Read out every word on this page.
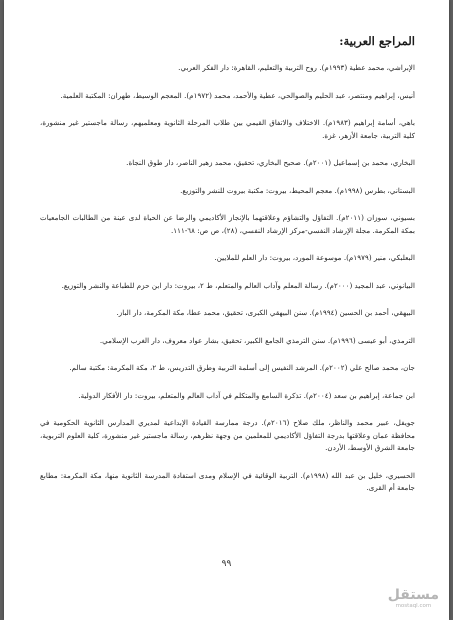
المراجع العربية:

الإبراشي، محمد عطية (١٩٩٣م). روح التربية والتعليم، القاهرة: دار الفكر العربي.

أنيس، إبراهيم ومنتصر، عبد الحليم والصوالحي، عطية والأحمد، محمد (١٩٧٢م). المعجم الوسيط، طهران: المكتبة العلمية.

باهي، أسامة إبراهيم (١٩٨٣م). الاختلاف والاتفاق القيمي بين طلاب المرحلة الثانوية ومعلميهم، رسالة ماجستير غير منشورة، كلية التربية، جامعة الأزهر، غزة.

البخاري، محمد بن إسماعيل (٢٠٠١م). صحيح البخاري، تحقيق، محمد زهير الناصر، دار طوق النجاة.

البستاني، بطرس (١٩٩٨م). معجم المحيط، بيروت: مكتبة بيروت للنشر والتوزيع.

بسيوني، سوزان (٢٠١١م). التفاؤل والتشاؤم وعلاقتهما بالإنجاز الأكاديمي والرضا عن الحياة لدى عينة من الطالبات الجامعيات بمكة المكرمة. مجلة الإرشاد النفسي-مركز الإرشاد النفسي، (٢٨)، ص ص: ٦٨-١١١.

البعلبكي، منير (١٩٧٩م). موسوعة المورد، بيروت: دار العلم للملايين.

البيانوني، عبد المجيد (٢٠٠٠م). رسالة المعلم وآداب العالم والمتعلم، ط ٢، بيروت: دار ابن حزم للطباعة والنشر والتوزيع.

البيهقي، أحمد بن الحسين (١٩٩٤م). سنن البيهقي الكبرى، تحقيق، محمد عطا، مكة المكرمة، دار الباز.

الترمذي، أبو عيسى (١٩٩٦م). سنن الترمذي الجامع الكبير، تحقيق، بشار عواد معروف، دار الغرب الإسلامي.

جان، محمد صالح علي (٢٠٠٢م). المرشد النفيس إلى أسلمة التربية وطرق التدريس، ط ٢، مكة المكرمة: مكتبة سالم.

ابن جماعة، إبراهيم بن سعد (٢٠٠٤م). تذكرة السامع والمتكلم في آداب العالم والمتعلم، بيروت: دار الأفكار الدولية.

جويفل، عبير محمد والناظر، ملك صلاح (٢٠١٦م). درجة ممارسة القيادة الإبداعية لمديري المدارس الثانوية الحكومية في محافظة عمان وعلاقتها بدرجة التفاؤل الأكاديمي للمعلمين من وجهة نظرهم، رسالة ماجستير غير منشورة، كلية العلوم التربوية، جامعة الشرق الأوسط، الأردن.

الحسيري، خليل بن عبد الله (١٩٩٨م). التربية الوقائية في الإسلام ومدى استفادة المدرسة الثانوية منها، مكة المكرمة: مطابع جامعة أم القرى.

٩٩
مستقل
mostaql.com
